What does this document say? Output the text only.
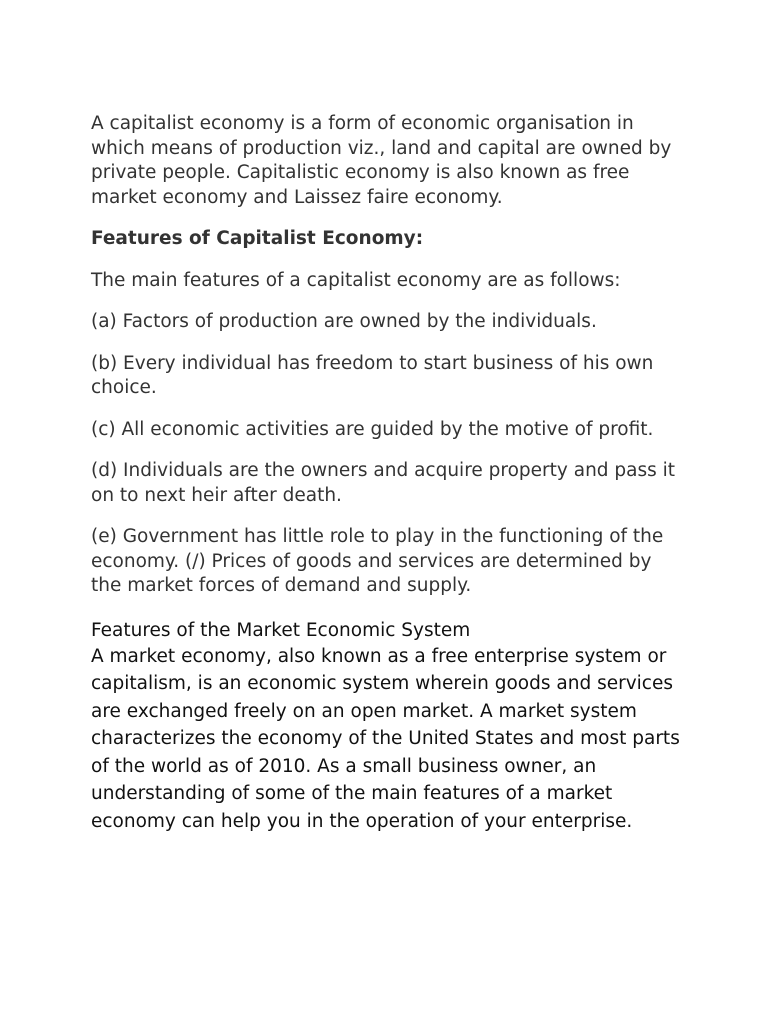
A capitalist economy is a form of economic organisation in which means of production viz., land and capital are owned by private people. Capitalistic economy is also known as free market economy and Laissez faire economy.

Features of Capitalist Economy:

The main features of a capitalist economy are as follows:

(a) Factors of production are owned by the individuals.

(b) Every individual has freedom to start business of his own choice.

(c) All economic activities are guided by the motive of profit.

(d) Individuals are the owners and acquire property and pass it on to next heir after death.

(e) Government has little role to play in the functioning of the economy. (/) Prices of goods and services are determined by the market forces of demand and supply.

Features of the Market Economic System

A market economy, also known as a free enterprise system or capitalism, is an economic system wherein goods and services are exchanged freely on an open market. A market system characterizes the economy of the United States and most parts of the world as of 2010. As a small business owner, an understanding of some of the main features of a market economy can help you in the operation of your enterprise.
